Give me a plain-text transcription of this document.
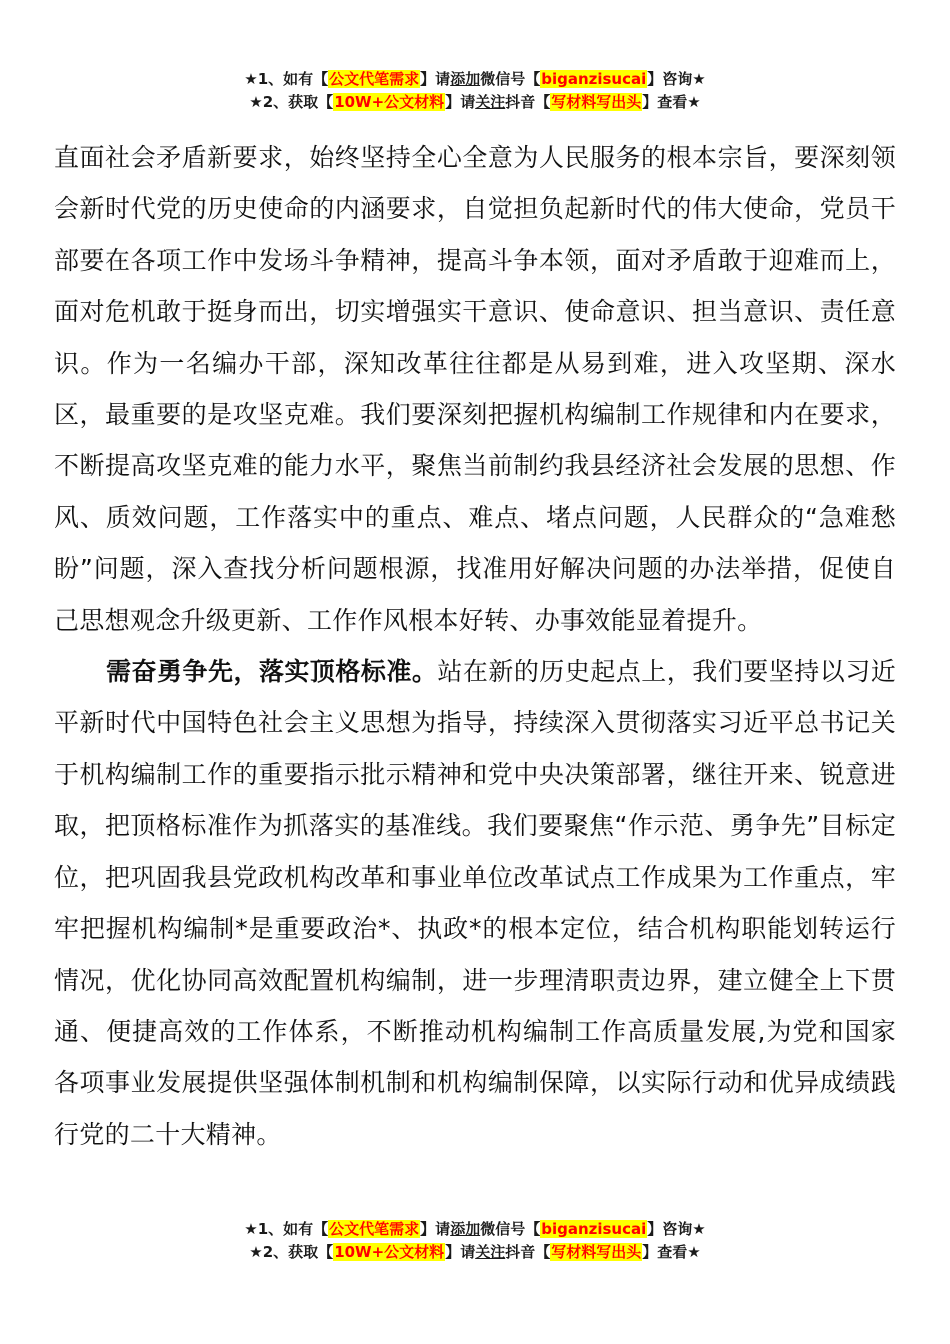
★1、如有【公文代笔需求】请添加微信号【biganzisucai】咨询★
★2、获取【10W+公文材料】请关注抖音【写材料写出头】查看★

直面社会矛盾新要求，始终坚持全心全意为人民服务的根本宗旨，要深刻领会新时代党的历史使命的内涵要求，自觉担负起新时代的伟大使命，党员干部要在各项工作中发场斗争精神，提高斗争本领，面对矛盾敢于迎难而上，面对危机敢于挺身而出，切实增强实干意识、使命意识、担当意识、责任意识。作为一名编办干部，深知改革往往都是从易到难，进入攻坚期、深水区，最重要的是攻坚克难。我们要深刻把握机构编制工作规律和内在要求，不断提高攻坚克难的能力水平，聚焦当前制约我县经济社会发展的思想、作风、质效问题，工作落实中的重点、难点、堵点问题，人民群众的“急难愁盼”问题，深入查找分析问题根源，找准用好解决问题的办法举措，促使自己思想观念升级更新、工作作风根本好转、办事效能显着提升。

需奋勇争先，落实顶格标准。站在新的历史起点上，我们要坚持以习近平新时代中国特色社会主义思想为指导，持续深入贯彻落实习近平总书记关于机构编制工作的重要指示批示精神和党中央决策部署，继往开来、锐意进取，把顶格标准作为抓落实的基准线。我们要聚焦“作示范、勇争先”目标定位，把巩固我县党政机构改革和事业单位改革试点工作成果为工作重点，牢牢把握机构编制*是重要政治*、执政*的根本定位，结合机构职能划转运行情况，优化协同高效配置机构编制，进一步理清职责边界，建立健全上下贯通、便捷高效的工作体系，不断推动机构编制工作高质量发展,为党和国家各项事业发展提供坚强体制机制和机构编制保障，以实际行动和优异成绩践行党的二十大精神。

★1、如有【公文代笔需求】请添加微信号【biganzisucai】咨询★
★2、获取【10W+公文材料】请关注抖音【写材料写出头】查看★
